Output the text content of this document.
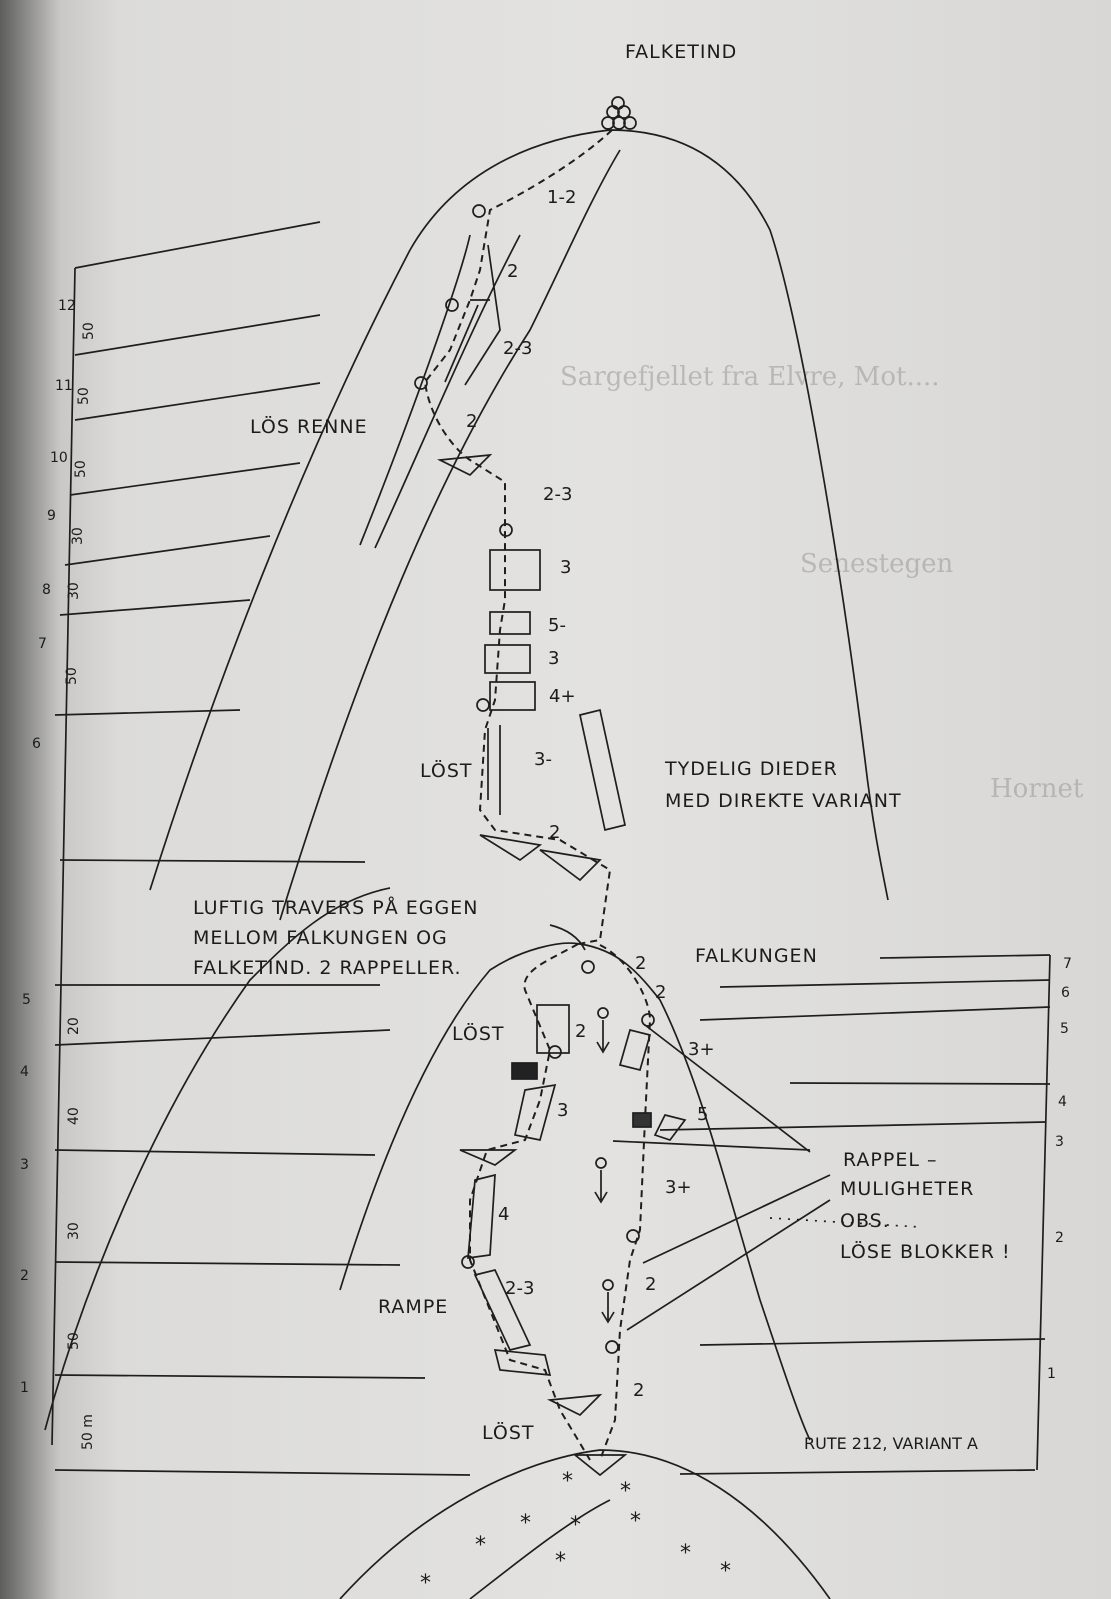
Sargefjellet fra Elvre, Mot....
Senestegen
Hornet
* *
* * *
*
*	*
*
*
1-2
2
2-3
2
2-3
3
5-
3
4+
3-
2
FALKETIND
LÖS RENNE
LÖST	TYDELIG DIEDER
MED DIREKTE VARIANT
LUFTIG TRAVERS PÅ EGGEN
MELLOM FALKUNGEN OG
FALKETIND. 2 RAPPELLER.
FALKUNGEN
LÖST
RAPPEL –
MULIGHETER
OBS.
LÖSE BLOKKER !
RAMPE
LÖST	RUTE 212, VARIANT A
2
2
2
3+
3	5
4
3+
2-3	2
2
12
11
10
9
8
7
6
50
50
50
30
30
50
5
4
3
2
1
20
40
30
50
50 m
7
6
5
4
3
2
1
